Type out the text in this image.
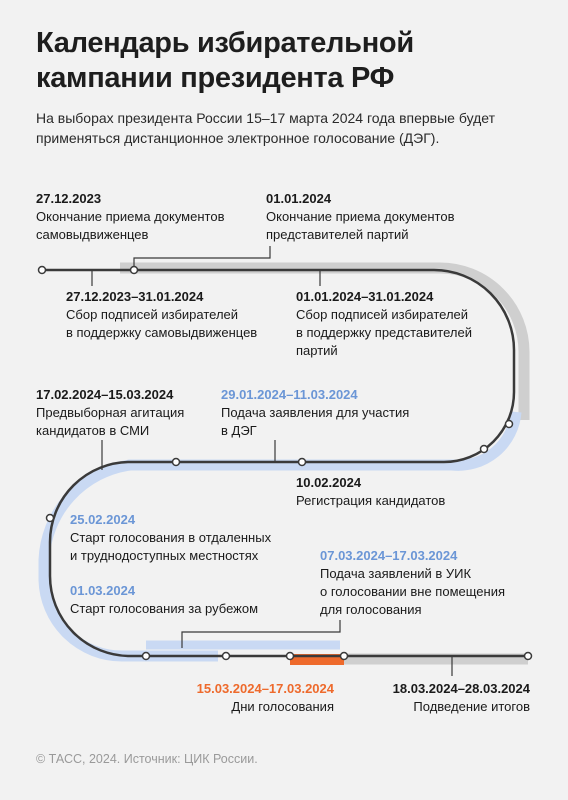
Календарь избирательной
кампании президента РФ
На выборах президента России 15–17 марта 2024 года впервые будет применяться дистанционное электронное голосование (ДЭГ).
27.12.2023
Окончание приема документов
самовыдвиженцев
01.01.2024
Окончание приема документов
представителей партий
27.12.2023–31.01.2024
Сбор подписей избирателей
в поддержку самовыдвиженцев
01.01.2024–31.01.2024
Сбор подписей избирателей
в поддержку представителей
партий
17.02.2024–15.03.2024
Предвыборная агитация
кандидатов в СМИ
29.01.2024–11.03.2024
Подача заявления для участия
в ДЭГ
10.02.2024
Регистрация кандидатов
25.02.2024
Старт голосования в отдаленных
и труднодоступных местностях	07.03.2024–17.03.2024
Подача заявлений в УИК
о голосовании вне помещения
для голосования
01.03.2024
Старт голосования за рубежом
15.03.2024–17.03.2024
Дни голосования
18.03.2024–28.03.2024
Подведение итогов
© ТАСС, 2024. Источник: ЦИК России.
